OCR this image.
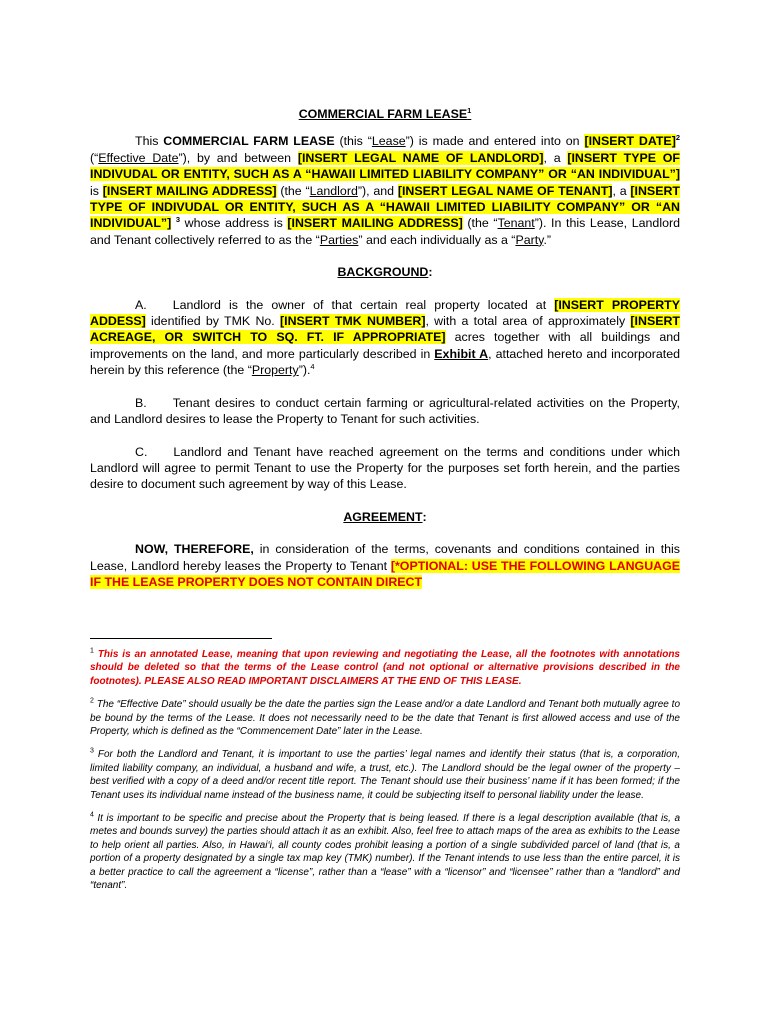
COMMERCIAL FARM LEASE$^1$

This COMMERCIAL FARM LEASE (this “Lease”) is made and entered into on [INSERT DATE]$^2$ (“Effective Date”), by and between [INSERT LEGAL NAME OF LANDLORD], a [INSERT TYPE OF INDIVUDAL OR ENTITY, SUCH AS A “HAWAII LIMITED LIABILITY COMPANY” OR “AN INDIVIDUAL”] is [INSERT MAILING ADDRESS] (the “Landlord”), and [INSERT LEGAL NAME OF TENANT], a [INSERT TYPE OF INDIVUDAL OR ENTITY, SUCH AS A “HAWAII LIMITED LIABILITY COMPANY” OR “AN INDIVIDUAL”] $^3$ whose address is [INSERT MAILING ADDRESS] (the “Tenant”). In this Lease, Landlord and Tenant collectively referred to as the “Parties” and each individually as a “Party.”

BACKGROUND:

A. Landlord is the owner of that certain real property located at [INSERT PROPERTY ADDESS] identified by TMK No. [INSERT TMK NUMBER], with a total area of approximately [INSERT ACREAGE, OR SWITCH TO SQ. FT. IF APPROPRIATE] acres together with all buildings and improvements on the land, and more particularly described in Exhibit A, attached hereto and incorporated herein by this reference (the “Property”).$^4$

B. Tenant desires to conduct certain farming or agricultural-related activities on the Property, and Landlord desires to lease the Property to Tenant for such activities.

C. Landlord and Tenant have reached agreement on the terms and conditions under which Landlord will agree to permit Tenant to use the Property for the purposes set forth herein, and the parties desire to document such agreement by way of this Lease.

AGREEMENT:

NOW, THEREFORE, in consideration of the terms, covenants and conditions contained in this Lease, Landlord hereby leases the Property to Tenant [*OPTIONAL: USE THE FOLLOWING LANGUAGE IF THE LEASE PROPERTY DOES NOT CONTAIN DIRECT

$^1$ This is an annotated Lease, meaning that upon reviewing and negotiating the Lease, all the footnotes with annotations should be deleted so that the terms of the Lease control (and not optional or alternative provisions described in the footnotes). PLEASE ALSO READ IMPORTANT DISCLAIMERS AT THE END OF THIS LEASE.

$^2$ The “Effective Date” should usually be the date the parties sign the Lease and/or a date Landlord and Tenant both mutually agree to be bound by the terms of the Lease. It does not necessarily need to be the date that Tenant is first allowed access and use of the Property, which is defined as the “Commencement Date” later in the Lease.

$^3$ For both the Landlord and Tenant, it is important to use the parties’ legal names and identify their status (that is, a corporation, limited liability company, an individual, a husband and wife, a trust, etc.). The Landlord should be the legal owner of the property – best verified with a copy of a deed and/or recent title report. The Tenant should use their business’ name if it has been formed; if the Tenant uses its individual name instead of the business name, it could be subjecting itself to personal liability under the lease.

$^4$ It is important to be specific and precise about the Property that is being leased. If there is a legal description available (that is, a metes and bounds survey) the parties should attach it as an exhibit. Also, feel free to attach maps of the area as exhibits to the Lease to help orient all parties. Also, in Hawai‘i, all county codes prohibit leasing a portion of a single subdivided parcel of land (that is, a portion of a property designated by a single tax map key (TMK) number). If the Tenant intends to use less than the entire parcel, it is a better practice to call the agreement a “license”, rather than a “lease” with a “licensor” and “licensee” rather than a “landlord” and “tenant”.
